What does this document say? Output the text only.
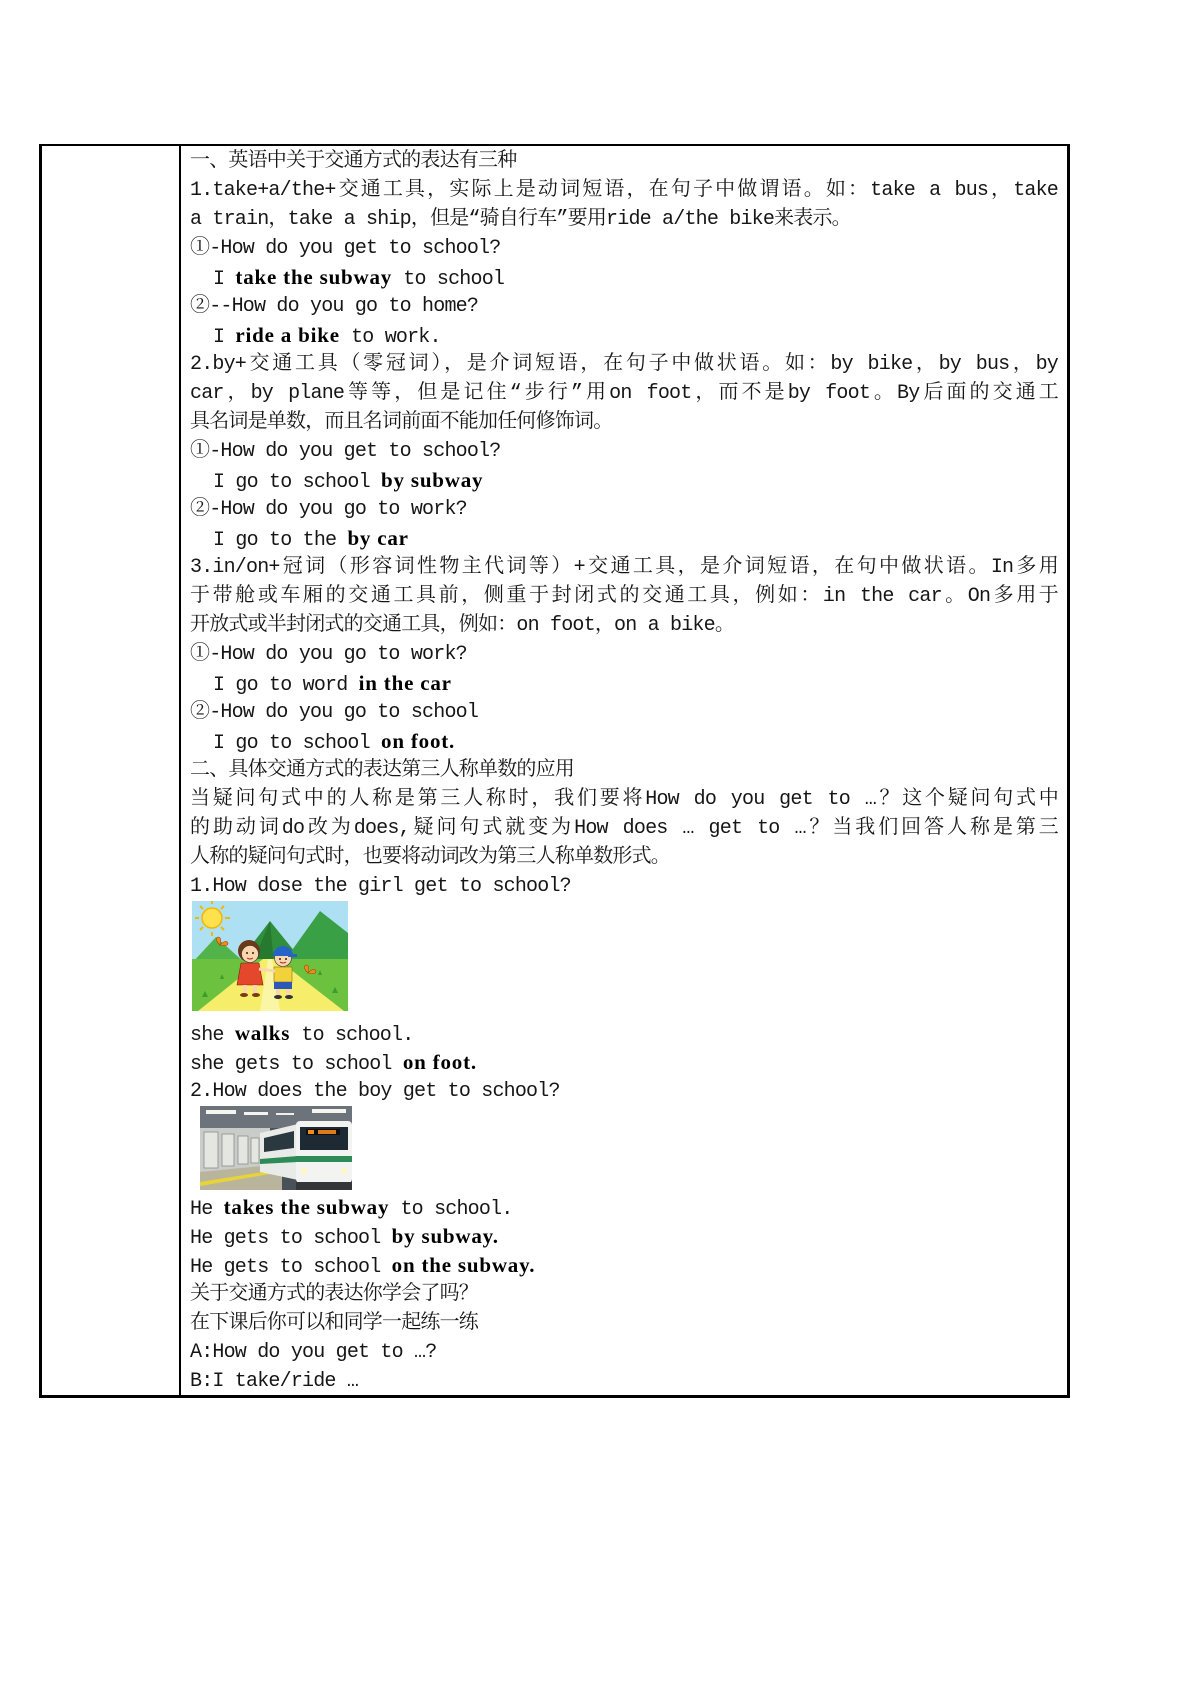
一、英语中关于交通方式的表达有三种
1.take+a/the+交通工具，实际上是动词短语，在句子中做谓语。如：take a bus，take
a train，take a ship，但是“骑自行车”要用ride a/the bike来表示。
①-How do you get to school?
I take the subway to school
②--How do you go to home?
I ride a bike to work.
2.by+交通工具（零冠词），是介词短语，在句子中做状语。如：by bike，by bus，by
car，by plane等等，但是记住“步行”用on foot，而不是by foot。By后面的交通工
具名词是单数，而且名词前面不能加任何修饰词。
①-How do you get to school?
I go to school by subway
②-How do you go to work?
I go to the by car
3.in/on+冠词（形容词性物主代词等）+交通工具，是介词短语，在句中做状语。In多用
于带舱或车厢的交通工具前，侧重于封闭式的交通工具，例如：in the car。On多用于
开放式或半封闭式的交通工具，例如：on foot，on a bike。
①-How do you go to work?
I go to word in the car
②-How do you go to school
I go to school on foot.
二、具体交通方式的表达第三人称单数的应用
当疑问句式中的人称是第三人称时，我们要将How do you get to …？这个疑问句式中
的助动词do改为does,疑问句式就变为How does … get to …？当我们回答人称是第三
人称的疑问句式时，也要将动词改为第三人称单数形式。
1.How dose the girl get to school?
she walks to school.
she gets to school on foot.
2.How does the boy get to school?
He takes the subway to school.
He gets to school by subway.
He gets to school on the subway.
关于交通方式的表达你学会了吗？
在下课后你可以和同学一起练一练
A:How do you get to …?
B:I take/ride …
